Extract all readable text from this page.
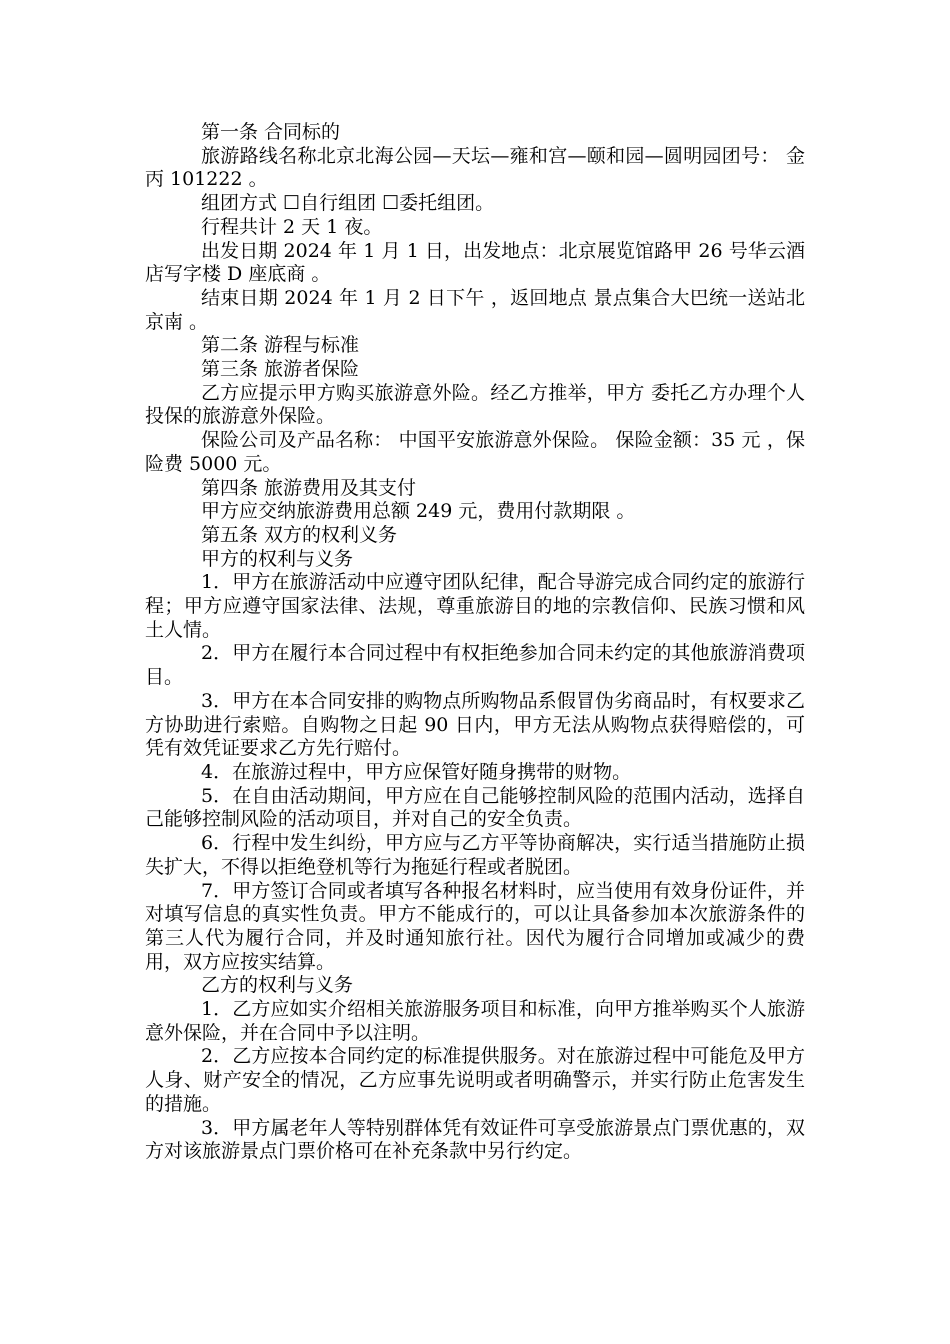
第一条 合同标的

旅游路线名称北京北海公园—天坛—雍和宫—颐和园—圆明园团号： 金丙 101222 。

组团方式 ☐自行组团 ☐委托组团。

行程共计 2 天 1 夜。

出发日期 2024 年 1 月 1 日，出发地点：北京展览馆路甲 26 号华云酒店写字楼 D 座底商 。

结束日期 2024 年 1 月 2 日下午 ，返回地点 景点集合大巴统一送站北京南 。

第二条 游程与标准

第三条 旅游者保险

乙方应提示甲方购买旅游意外险。经乙方推举，甲方 委托乙方办理个人投保的旅游意外保险。

保险公司及产品名称： 中国平安旅游意外保险。 保险金额：35 元 ，保险费 5000 元。

第四条 旅游费用及其支付

甲方应交纳旅游费用总额 249 元，费用付款期限 。

第五条 双方的权利义务

甲方的权利与义务

1．甲方在旅游活动中应遵守团队纪律，配合导游完成合同约定的旅游行程；甲方应遵守国家法律、法规，尊重旅游目的地的宗教信仰、民族习惯和风土人情。

2．甲方在履行本合同过程中有权拒绝参加合同未约定的其他旅游消费项目。

3．甲方在本合同安排的购物点所购物品系假冒伪劣商品时，有权要求乙方协助进行索赔。自购物之日起 90 日内，甲方无法从购物点获得赔偿的，可凭有效凭证要求乙方先行赔付。

4．在旅游过程中，甲方应保管好随身携带的财物。

5．在自由活动期间，甲方应在自己能够控制风险的范围内活动，选择自己能够控制风险的活动项目，并对自己的安全负责。

6．行程中发生纠纷，甲方应与乙方平等协商解决，实行适当措施防止损失扩大，不得以拒绝登机等行为拖延行程或者脱团。

7．甲方签订合同或者填写各种报名材料时，应当使用有效身份证件，并对填写信息的真实性负责。甲方不能成行的，可以让具备参加本次旅游条件的第三人代为履行合同，并及时通知旅行社。因代为履行合同增加或减少的费用，双方应按实结算。

乙方的权利与义务

1．乙方应如实介绍相关旅游服务项目和标准，向甲方推举购买个人旅游意外保险，并在合同中予以注明。

2．乙方应按本合同约定的标准提供服务。对在旅游过程中可能危及甲方人身、财产安全的情况，乙方应事先说明或者明确警示，并实行防止危害发生的措施。

3．甲方属老年人等特别群体凭有效证件可享受旅游景点门票优惠的，双方对该旅游景点门票价格可在补充条款中另行约定。
